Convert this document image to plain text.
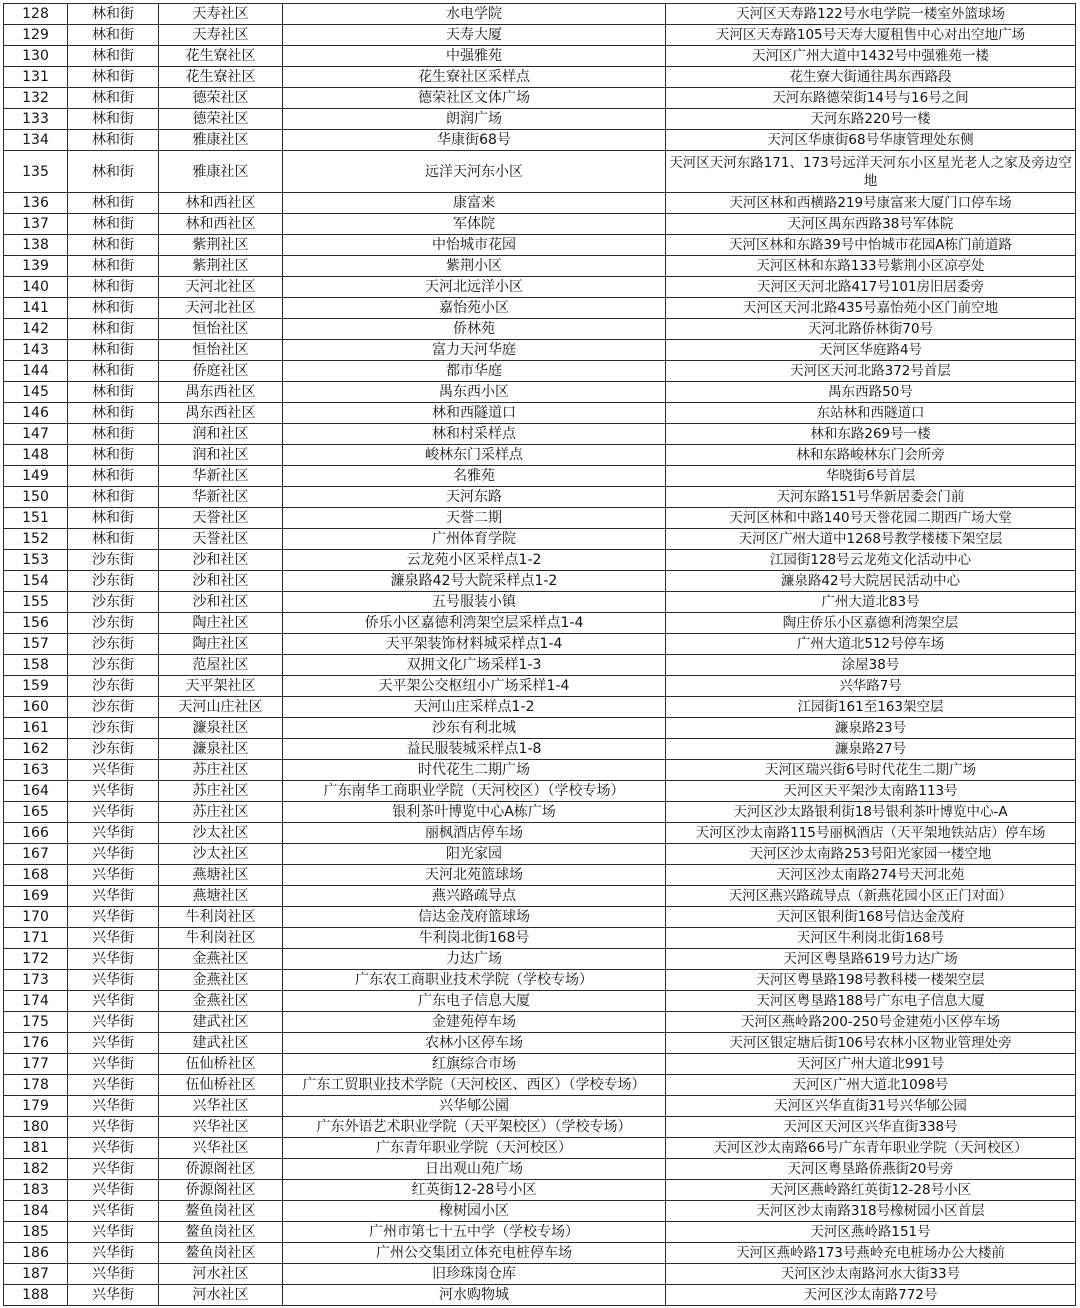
128	林和街	天寿社区	水电学院	天河区天寿路122号水电学院一楼室外篮球场
129	林和街	天寿社区	天寿大厦	天河区天寿路105号天寿大厦租售中心对出空地广场
130	林和街	花生寮社区	中强雅苑	天河区广州大道中1432号中强雅苑一楼
131	林和街	花生寮社区	花生寮社区采样点	花生寮大街通往禺东西路段
132	林和街	德荣社区	德荣社区文体广场	天河东路德荣街14号与16号之间
133	林和街	德荣社区	朗润广场	天河东路220号一楼
134	林和街	雅康社区	华康街68号	天河区华康街68号华康管理处东侧
135	林和街	雅康社区	远洋天河东小区	天河区天河东路171、173号远洋天河东小区星光老人之家及旁边空地
136	林和街	林和西社区	康富来	天河区林和西横路219号康富来大厦门口停车场
137	林和街	林和西社区	军体院	天河区禺东西路38号军体院
138	林和街	紫荆社区	中怡城市花园	天河区林和东路39号中怡城市花园A栋门前道路
139	林和街	紫荆社区	紫荆小区	天河区林和东路133号紫荆小区凉亭处
140	林和街	天河北社区	天河北远洋小区	天河区天河北路417号101房旧居委旁
141	林和街	天河北社区	嘉怡苑小区	天河区天河北路435号嘉怡苑小区门前空地
142	林和街	恒怡社区	侨林苑	天河北路侨林街70号
143	林和街	恒怡社区	富力天河华庭	天河区华庭路4号
144	林和街	侨庭社区	都市华庭	天河区天河北路372号首层
145	林和街	禺东西社区	禺东西小区	禺东西路50号
146	林和街	禺东西社区	林和西隧道口	东站林和西隧道口
147	林和街	润和社区	林和村采样点	林和东路269号一楼
148	林和街	润和社区	峻林东门采样点	林和东路峻林东门会所旁
149	林和街	华新社区	名雅苑	华晓街6号首层
150	林和街	华新社区	天河东路	天河东路151号华新居委会门前
151	林和街	天誉社区	天誉二期	天河区林和中路140号天誉花园二期西广场大堂
152	林和街	天誉社区	广州体育学院	天河区广州大道中1268号教学楼楼下架空层
153	沙东街	沙和社区	云龙苑小区采样点1-2	江园街128号云龙苑文化活动中心
154	沙东街	沙和社区	濂泉路42号大院采样点1-2	濂泉路42号大院居民活动中心
155	沙东街	沙和社区	五号服装小镇	广州大道北83号
156	沙东街	陶庄社区	侨乐小区嘉德利湾架空层采样点1-4	陶庄侨乐小区嘉德利湾架空层
157	沙东街	陶庄社区	天平架装饰材料城采样点1-4	广州大道北512号停车场
158	沙东街	范屋社区	双拥文化广场采样1-3	涂屋38号
159	沙东街	天平架社区	天平架公交枢纽小广场采样1-4	兴华路7号
160	沙东街	天河山庄社区	天河山庄采样点1-2	江园街161至163架空层
161	沙东街	濂泉社区	沙东有利北城	濂泉路23号
162	沙东街	濂泉社区	益民服装城采样点1-8	濂泉路27号
163	兴华街	苏庄社区	时代花生二期广场	天河区瑞兴街6号时代花生二期广场
164	兴华街	苏庄社区	广东南华工商职业学院（天河校区）（学校专场）	天河区天平架沙太南路113号
165	兴华街	苏庄社区	银利茶叶博览中心A栋广场	天河区沙太路银利街18号银利茶叶博览中心-A
166	兴华街	沙太社区	丽枫酒店停车场	天河区沙太南路115号丽枫酒店（天平架地铁站店）停车场
167	兴华街	沙太社区	阳光家园	天河区沙太南路253号阳光家园一楼空地
168	兴华街	燕塘社区	天河北苑篮球场	天河区沙太南路274号天河北苑
169	兴华街	燕塘社区	燕兴路疏导点	天河区燕兴路疏导点（新燕花园小区正门对面）
170	兴华街	牛利岗社区	信达金茂府篮球场	天河区银利街168号信达金茂府
171	兴华街	牛利岗社区	牛利岗北街168号	天河区牛利岗北街168号
172	兴华街	金燕社区	力达广场	天河区粤垦路619号力达广场
173	兴华街	金燕社区	广东农工商职业技术学院（学校专场）	天河区粤垦路198号教科楼一楼架空层
174	兴华街	金燕社区	广东电子信息大厦	天河区粤垦路188号广东电子信息大厦
175	兴华街	建武社区	金建苑停车场	天河区燕岭路200-250号金建苑小区停车场
176	兴华街	建武社区	农林小区停车场	天河区银定塘后街106号农林小区物业管理处旁
177	兴华街	伍仙桥社区	红旗综合市场	天河区广州大道北991号
178	兴华街	伍仙桥社区	广东工贸职业技术学院（天河校区、西区）（学校专场）	天河区广州大道北1098号
179	兴华街	兴华社区	兴华郇公園	天河区兴华直街31号兴华郇公园
180	兴华街	兴华社区	广东外语艺术职业学院（天平架校区）（学校专场）	天河区天河区兴华直街338号
181	兴华街	兴华社区	广东青年职业学院（天河校区）	天河区沙太南路66号广东青年职业学院（天河校区）
182	兴华街	侨源阁社区	日出观山苑广场	天河区粤垦路侨燕街20号旁
183	兴华街	侨源阁社区	红英街12-28号小区	天河区燕岭路红英街12-28号小区
184	兴华街	鳌鱼岗社区	橡树园小区	天河区沙太南路318号橡树园小区首层
185	兴华街	鳌鱼岗社区	广州市第七十五中学（学校专场）	天河区燕岭路151号
186	兴华街	鳌鱼岗社区	广州公交集团立体充电桩停车场	天河区燕岭路173号燕岭充电桩场办公大楼前
187	兴华街	河水社区	旧珍珠岗仓库	天河区沙太南路河水大街33号
188	兴华街	河水社区	河水购物城	天河区沙太南路772号
